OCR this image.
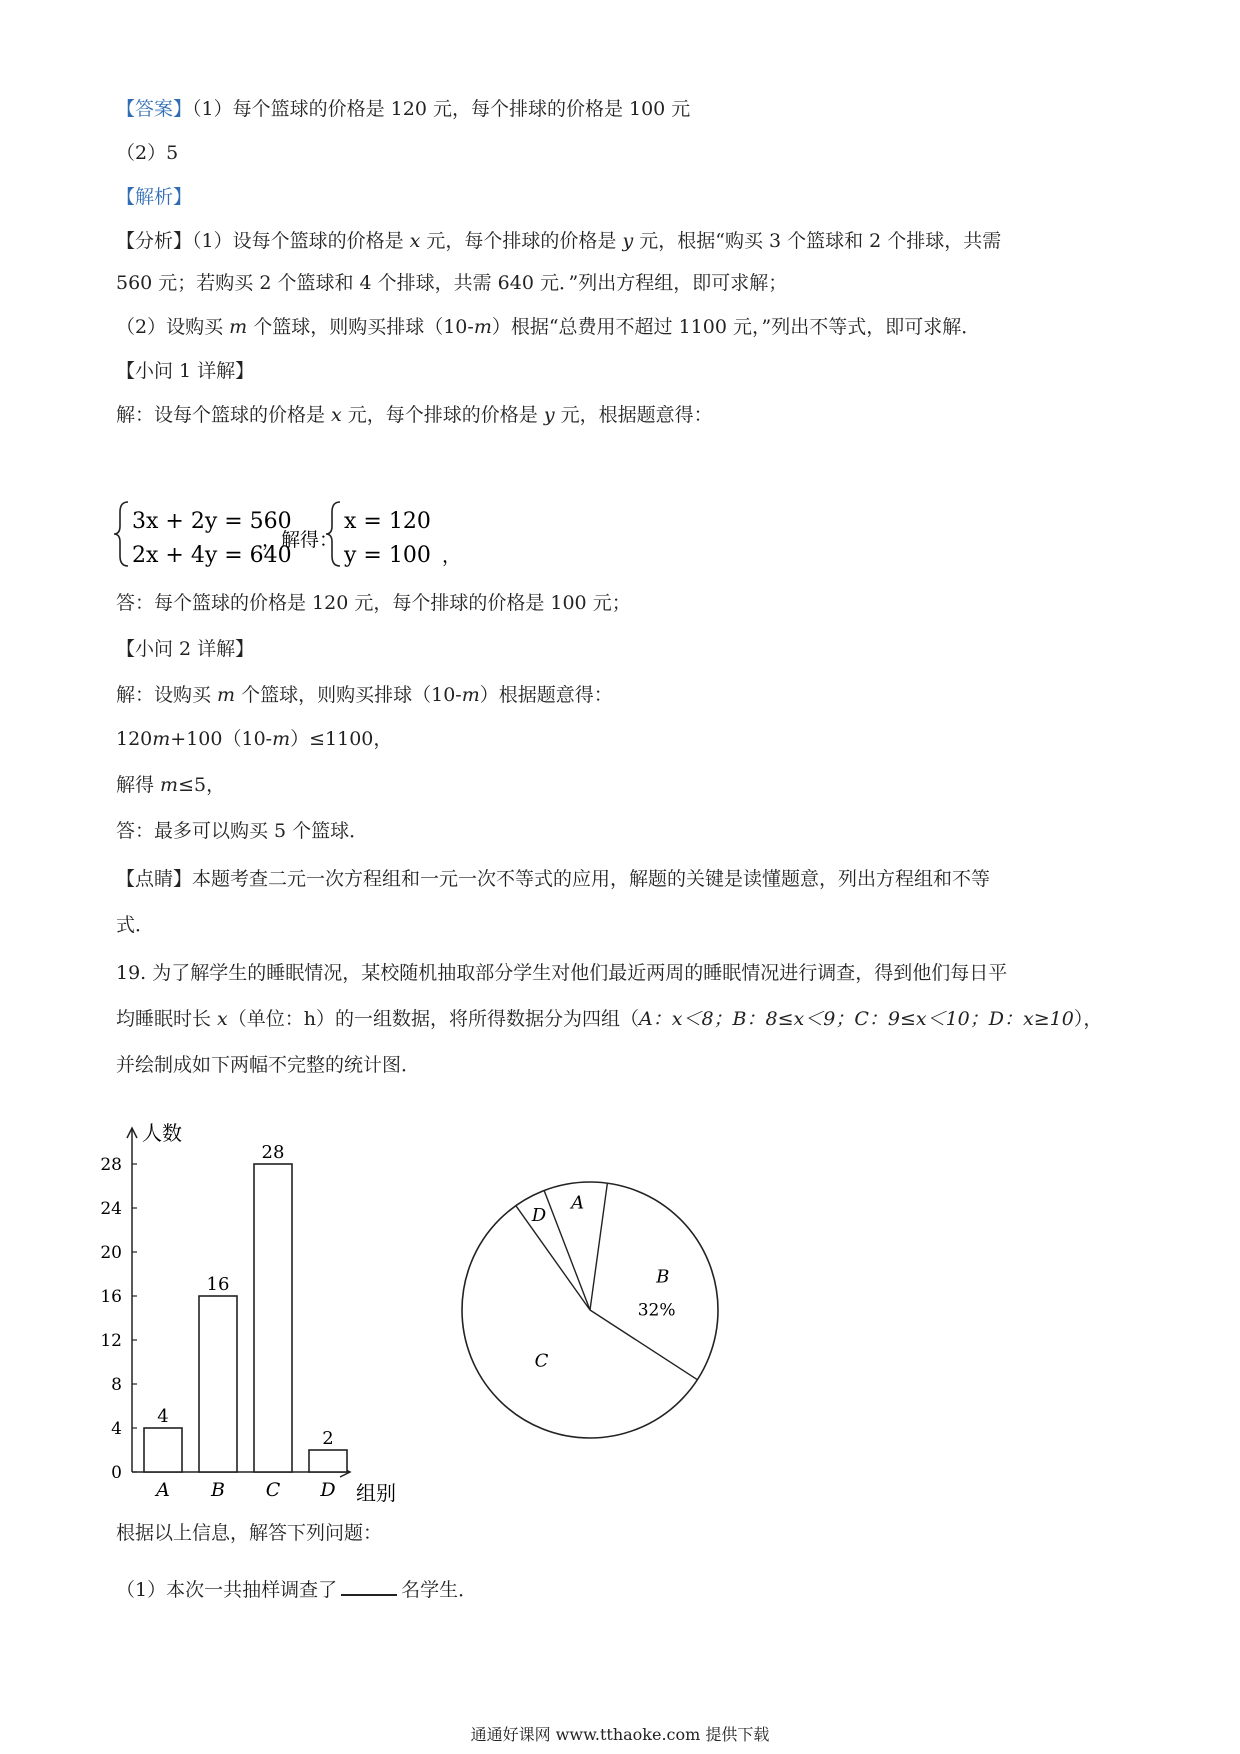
【答案】（1）每个篮球的价格是 120 元，每个排球的价格是 100 元
（2）5
【解析】
【分析】（1）设每个篮球的价格是 x 元，每个排球的价格是 y 元，根据“购买 3 个篮球和 2 个排球，共需
560 元；若购买 2 个篮球和 4 个排球，共需 640 元．”列出方程组，即可求解；
（2）设购买 m 个篮球，则购买排球（10-m）根据“总费用不超过 1100 元，”列出不等式，即可求解．
【小问 1 详解】
解：设每个篮球的价格是 x 元，每个排球的价格是 y 元，根据题意得：
3x + 2y = 560
2x + 4y = 640
，解得：
x = 120
y = 100 ，
答：每个篮球的价格是 120 元，每个排球的价格是 100 元；
【小问 2 详解】
解：设购买 m 个篮球，则购买排球（10-m）根据题意得：
120m+100（10-m）≤1100，
解得 m≤5，
答：最多可以购买 5 个篮球．
【点睛】本题考查二元一次方程组和一元一次不等式的应用，解题的关键是读懂题意，列出方程组和不等
式．
19. 为了解学生的睡眠情况，某校随机抽取部分学生对他们最近两周的睡眠情况进行调查，得到他们每日平
均睡眠时长 x（单位：h）的一组数据，将所得数据分为四组（A：x＜8；B：8≤x＜9；C：9≤x＜10；D：x≥10），
并绘制成如下两幅不完整的统计图．
人数
组别
0
4
8
12
16
20
24
28
4
A
16
B
28
C
2
D
A
B
32%
C
D
根据以上信息，解答下列问题：
（1）本次一共抽样调查了	名学生．
通通好课网 www.tthaoke.com 提供下载
